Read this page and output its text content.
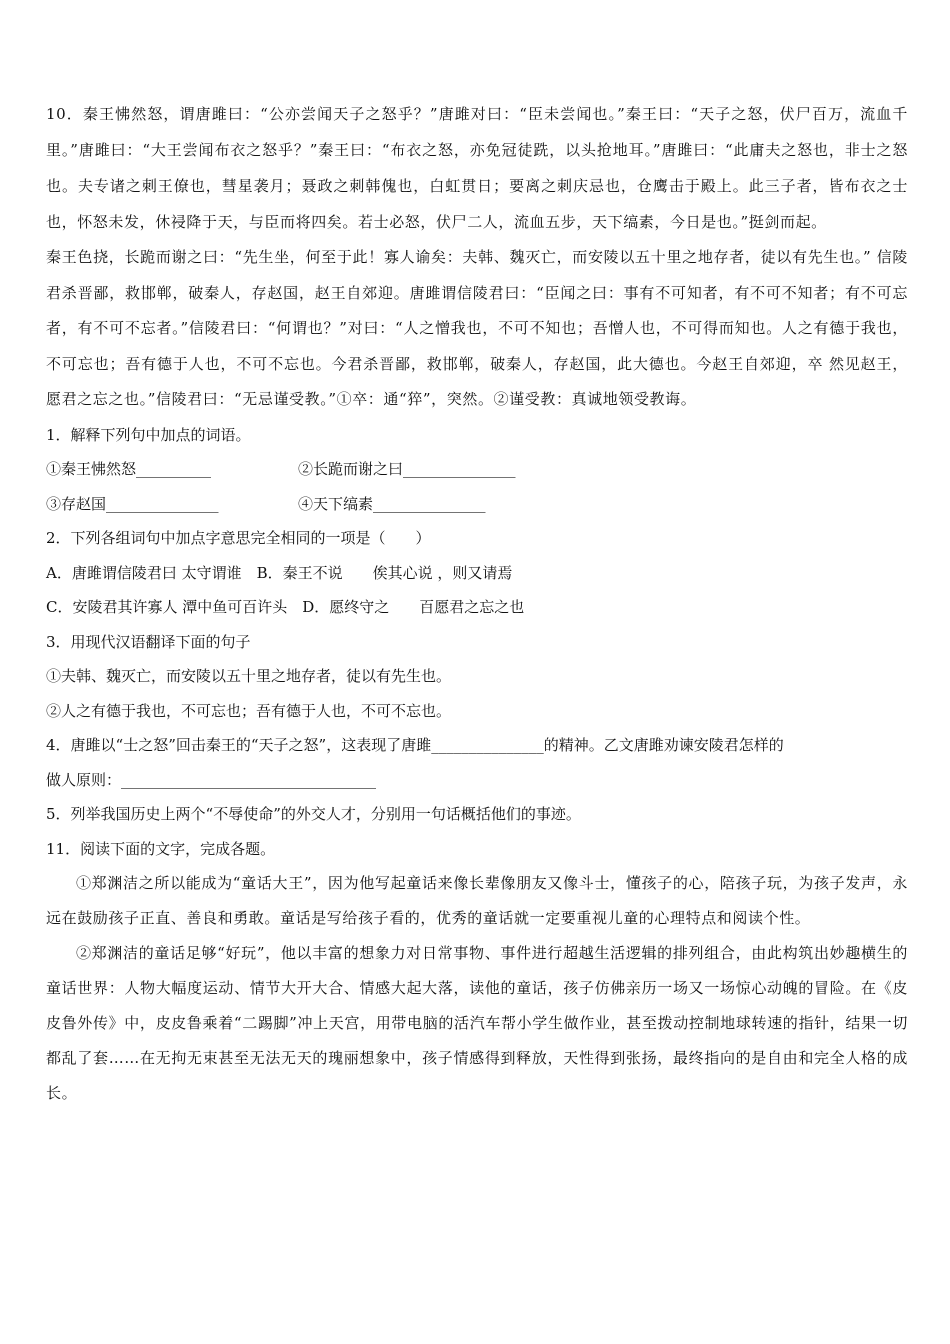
10．秦王怫然怒，谓唐雎曰：“公亦尝闻天子之怒乎？”唐雎对曰：“臣未尝闻也。”秦王曰：“天子之怒，伏尸百万，流血千里。”唐雎曰：“大王尝闻布衣之怒乎？”秦王曰：“布衣之怒，亦免冠徒跣，以头抢地耳。”唐雎曰：“此庸夫之怒也，非士之怒也。夫专诸之刺王僚也，彗星袭月；聂政之刺韩傀也，白虹贯日；要离之刺庆忌也，仓鹰击于殿上。此三子者，皆布衣之士也，怀怒未发，休祲降于天，与臣而将四矣。若士必怒，伏尸二人，流血五步，天下缟素，今日是也。”挺剑而起。

秦王色挠，长跪而谢之曰：“先生坐，何至于此！寡人谕矣：夫韩、魏灭亡，而安陵以五十里之地存者，徒以有先生也。” 信陵君杀晋鄙，救邯郸，破秦人，存赵国，赵王自郊迎。唐雎谓信陵君曰：“臣闻之曰：事有不可知者，有不可不知者；有不可忘者，有不可不忘者。”信陵君曰：“何谓也？”对曰：“人之憎我也，不可不知也；吾憎人也，不可得而知也。人之有德于我也，不可忘也；吾有德于人也，不可不忘也。今君杀晋鄙，救邯郸，破秦人，存赵国，此大德也。今赵王自郊迎，卒 然见赵王，愿君之忘之也。”信陵君曰：“无忌谨受教。”①卒：通“猝”，突然。②谨受教：真诚地领受教诲。

1．解释下列句中加点的词语。

①秦王怫然怒__________	②长跪而谢之曰_______________
③存赵国_______________	④天下缟素_______________

2．下列各组词句中加点字意思完全相同的一项是（　　）

A．唐雎谓信陵君曰 太守谓谁　B．秦王不说　　俟其心说 ，则又请焉

C．安陵君其许寡人 潭中鱼可百许头　D．愿终守之　　百愿君之忘之也

3．用现代汉语翻译下面的句子

①夫韩、魏灭亡，而安陵以五十里之地存者，徒以有先生也。

②人之有德于我也，不可忘也；吾有德于人也，不可不忘也。

4．唐雎以“士之怒”回击秦王的“天子之怒”，这表现了唐雎_______________的精神。乙文唐雎劝谏安陵君怎样的

做人原则：__________________________________

5．列举我国历史上两个“不辱使命”的外交人才，分别用一句话概括他们的事迹。

11．阅读下面的文字，完成各题。

①郑渊洁之所以能成为“童话大王”，因为他写起童话来像长辈像朋友又像斗士，懂孩子的心，陪孩子玩，为孩子发声，永远在鼓励孩子正直、善良和勇敢。童话是写给孩子看的，优秀的童话就一定要重视儿童的心理特点和阅读个性。

②郑渊洁的童话足够“好玩”，他以丰富的想象力对日常事物、事件进行超越生活逻辑的排列组合，由此构筑出妙趣横生的童话世界：人物大幅度运动、情节大开大合、情感大起大落，读他的童话，孩子仿佛亲历一场又一场惊心动魄的冒险。在《皮皮鲁外传》中，皮皮鲁乘着“二踢脚”冲上天宫，用带电脑的活汽车帮小学生做作业，甚至拨动控制地球转速的指针，结果一切都乱了套……在无拘无束甚至无法无天的瑰丽想象中，孩子情感得到释放，天性得到张扬，最终指向的是自由和完全人格的成长。
